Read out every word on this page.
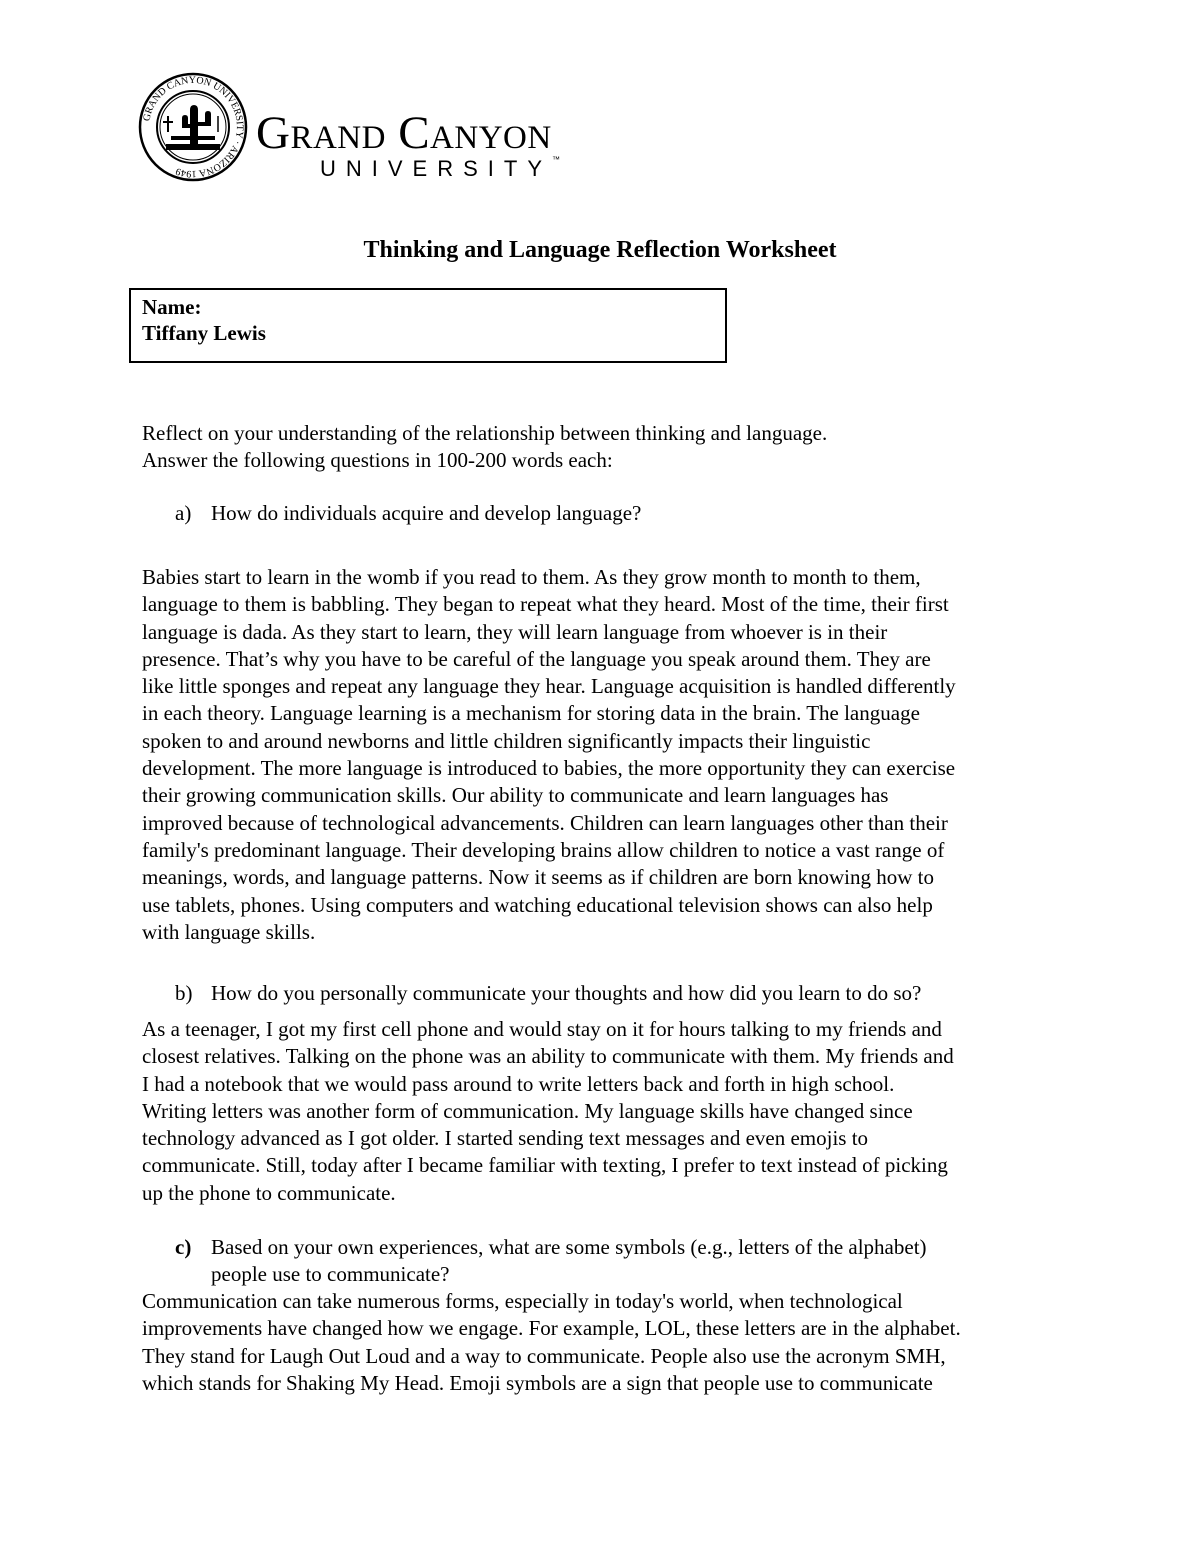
GRAND CANYON UNIVERSITY · ARIZONA 1949
Grand Canyon
UNIVERSITY™
Thinking and Language Reflection Worksheet
Name:
Tiffany Lewis
Reflect on your understanding of the relationship between thinking and language.
Answer the following questions in 100-200 words each:
a) How do individuals acquire and develop language?
Babies start to learn in the womb if you read to them. As they grow month to month to them,
language to them is babbling. They began to repeat what they heard. Most of the time, their first
language is dada. As they start to learn, they will learn language from whoever is in their
presence. That’s why you have to be careful of the language you speak around them. They are
like little sponges and repeat any language they hear. Language acquisition is handled differently
in each theory. Language learning is a mechanism for storing data in the brain. The language
spoken to and around newborns and little children significantly impacts their linguistic
development. The more language is introduced to babies, the more opportunity they can exercise
their growing communication skills. Our ability to communicate and learn languages has
improved because of technological advancements. Children can learn languages other than their
family's predominant language. Their developing brains allow children to notice a vast range of
meanings, words, and language patterns. Now it seems as if children are born knowing how to
use tablets, phones. Using computers and watching educational television shows can also help
with language skills.
b) How do you personally communicate your thoughts and how did you learn to do so?
As a teenager, I got my first cell phone and would stay on it for hours talking to my friends and
closest relatives. Talking on the phone was an ability to communicate with them. My friends and
I had a notebook that we would pass around to write letters back and forth in high school.
Writing letters was another form of communication. My language skills have changed since
technology advanced as I got older. I started sending text messages and even emojis to
communicate. Still, today after I became familiar with texting, I prefer to text instead of picking
up the phone to communicate.
c) Based on your own experiences, what are some symbols (e.g., letters of the alphabet)
people use to communicate?
Communication can take numerous forms, especially in today's world, when technological
improvements have changed how we engage. For example, LOL, these letters are in the alphabet.
They stand for Laugh Out Loud and a way to communicate. People also use the acronym SMH,
which stands for Shaking My Head. Emoji symbols are a sign that people use to communicate
